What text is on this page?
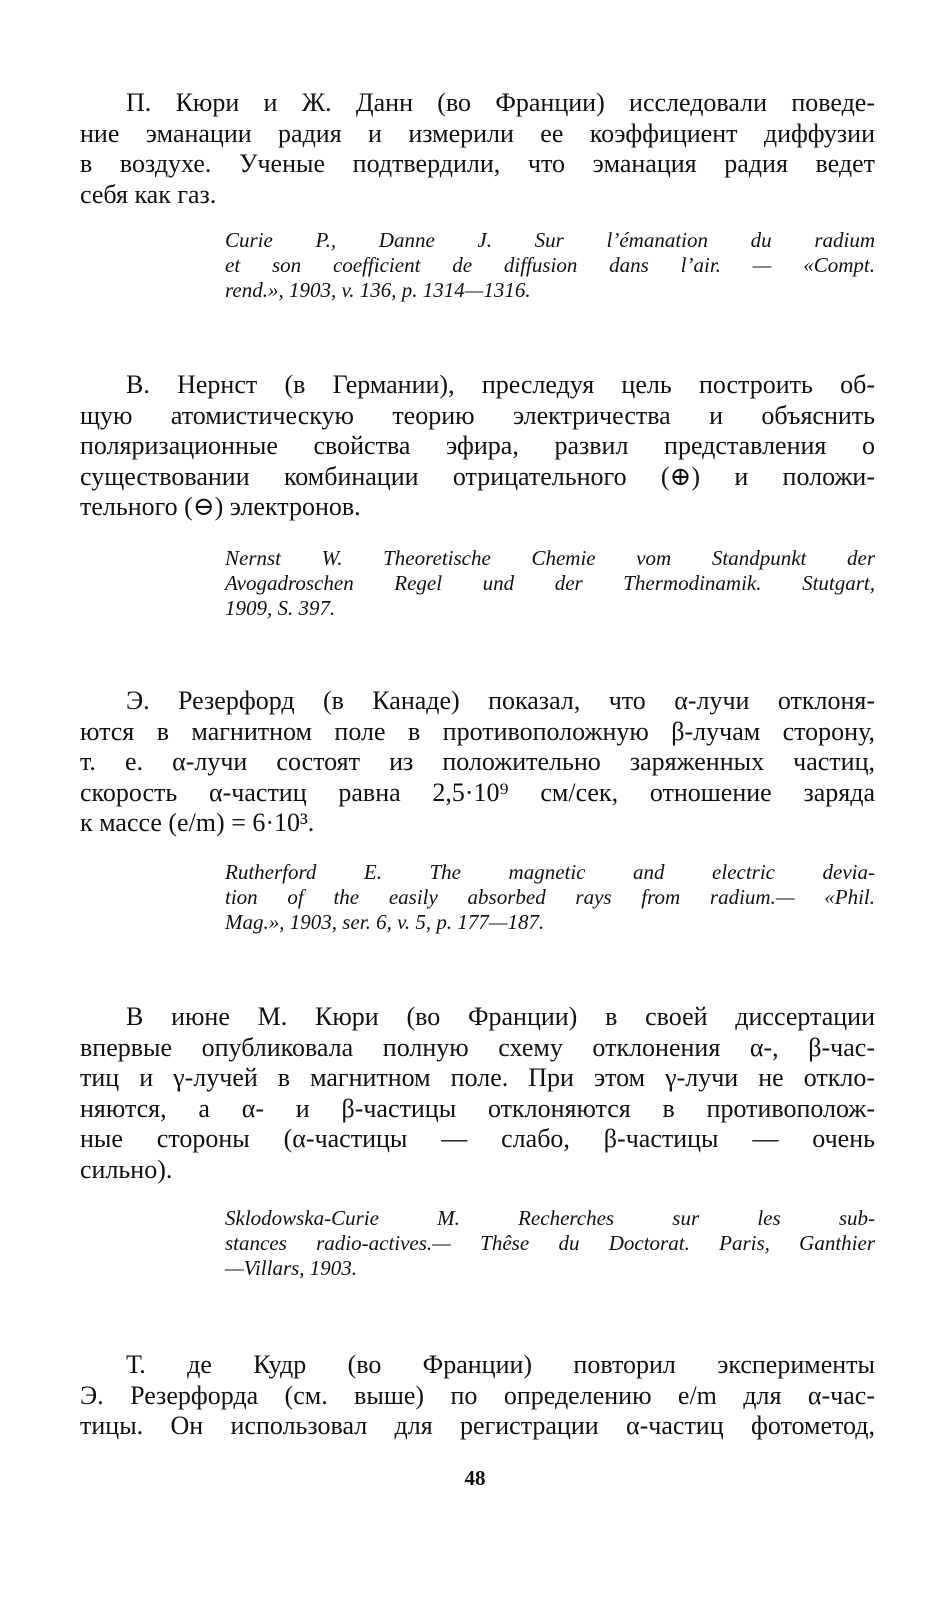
П. Кюри и Ж. Данн (во Франции) исследовали поведе-
ние эманации радия и измерили ее коэффициент диффузии
в воздухе. Ученые подтвердили, что эманация радия ведет
себя как газ.
Curie P., Danne J. Sur l’émanation du radium
et son coefficient de diffusion dans l’air. — «Compt.
rend.», 1903, v. 136, p. 1314—1316.
В. Нернст (в Германии), преследуя цель построить об-
щую атомистическую теорию электричества и объяснить
поляризационные свойства эфира, развил представления о
существовании комбинации отрицательного (⊕) и положи-
тельного (⊖) электронов.
Nernst W. Theoretische Chemie vom Standpunkt der
Avogadroschen Regel und der Thermodinamik. Stutgart,
1909, S. 397.
Э. Резерфорд (в Канаде) показал, что α-лучи отклоня-
ются в магнитном поле в противоположную β-лучам сторону,
т. е. α-лучи состоят из положительно заряженных частиц,
скорость α-частиц равна 2,5·10⁹ см/сек, отношение заряда
к массе (e/m) = 6·10³.
Rutherford E. The magnetic and electric devia-
tion of the easily absorbed rays from radium.— «Phil.
Mag.», 1903, ser. 6, v. 5, p. 177—187.
В июне М. Кюри (во Франции) в своей диссертации
впервые опубликовала полную схему отклонения α-, β-час-
тиц и γ-лучей в магнитном поле. При этом γ-лучи не откло-
няются, а α- и β-частицы отклоняются в противополож-
ные стороны (α-частицы — слабо, β-частицы — очень
сильно).
Sklodowska-Curie M. Recherches sur les sub-
stances radio-actives.— Thêse du Doctorat. Paris, Ganthier
—Villars, 1903.
Т. де Кудр (во Франции) повторил эксперименты
Э. Резерфорда (см. выше) по определению e/m для α-час-
тицы. Он использовал для регистрации α-частиц фотометод,
48
